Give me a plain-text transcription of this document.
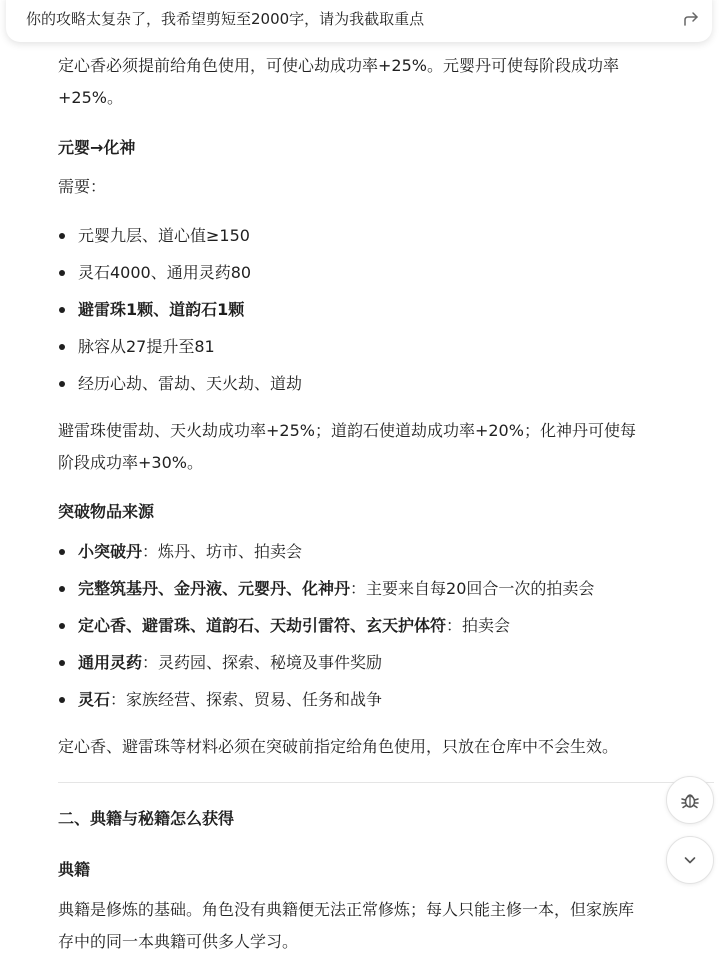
你的攻略太复杂了，我希望剪短至2000字，请为我截取重点

定心香必须提前给角色使用，可使心劫成功率+25%。元婴丹可使每阶段成功率

+25%。

元婴→化神

需要：

元婴九层、道心值≥150
灵石4000、通用灵药80
避雷珠1颗、道韵石1颗
脉容从27提升至81
经历心劫、雷劫、天火劫、道劫

避雷珠使雷劫、天火劫成功率+25%；道韵石使道劫成功率+20%；化神丹可使每

阶段成功率+30%。

突破物品来源

小突破丹：炼丹、坊市、拍卖会
完整筑基丹、金丹液、元婴丹、化神丹：主要来自每20回合一次的拍卖会
定心香、避雷珠、道韵石、天劫引雷符、玄天护体符：拍卖会
通用灵药：灵药园、探索、秘境及事件奖励
灵石：家族经营、探索、贸易、任务和战争

定心香、避雷珠等材料必须在突破前指定给角色使用，只放在仓库中不会生效。

二、典籍与秘籍怎么获得

典籍

典籍是修炼的基础。角色没有典籍便无法正常修炼；每人只能主修一本，但家族库

存中的同一本典籍可供多人学习。
